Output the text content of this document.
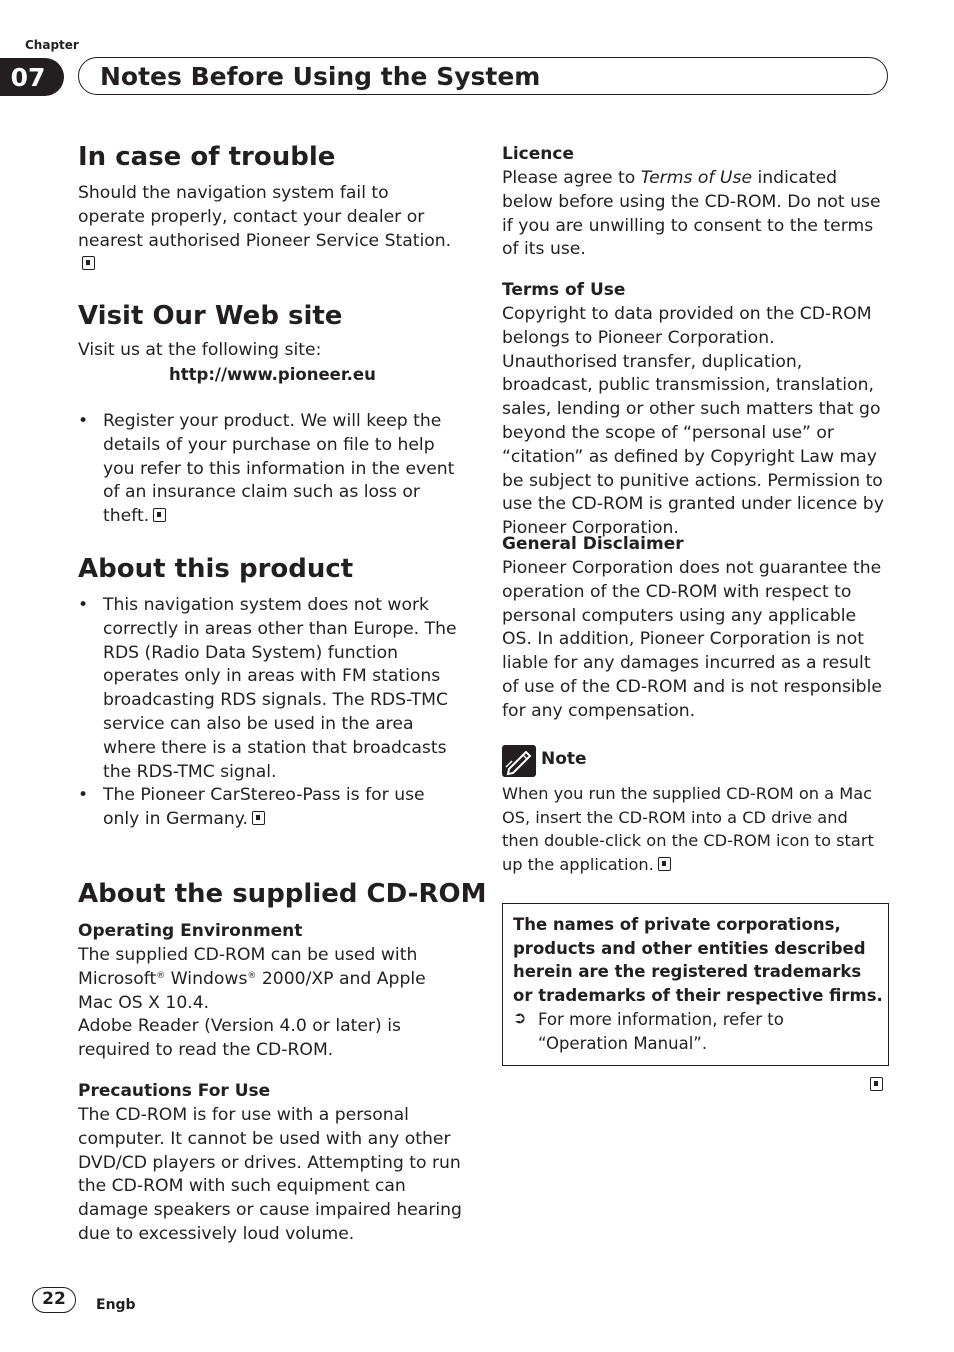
Chapter
07	Notes Before Using the System
In case of trouble

Should the navigation system fail to operate properly, contact your dealer or nearest authorised Pioneer Service Station.

Visit Our Web site

Visit us at the following site:

http://www.pioneer.eu
• Register your product. We will keep the details of your purchase on file to help you refer to this information in the event of an insurance claim such as loss or theft.
About this product
• This navigation system does not work correctly in areas other than Europe. The RDS (Radio Data System) function operates only in areas with FM stations broadcasting RDS signals. The RDS-TMC service can also be used in the area where there is a station that broadcasts the RDS-TMC signal.
• The Pioneer CarStereo-Pass is for use only in Germany.
About the supplied CD-ROM
Operating Environment

The supplied CD-ROM can be used with Microsoft® Windows® 2000/XP and Apple Mac OS X 10.4.
Adobe Reader (Version 4.0 or later) is required to read the CD-ROM.

Precautions For Use

The CD-ROM is for use with a personal computer. It cannot be used with any other DVD/CD players or drives. Attempting to run the CD-ROM with such equipment can damage speakers or cause impaired hearing due to excessively loud volume.

Licence

Please agree to Terms of Use indicated below before using the CD-ROM. Do not use if you are unwilling to consent to the terms of its use.

Terms of Use

Copyright to data provided on the CD-ROM belongs to Pioneer Corporation. Unauthorised transfer, duplication, broadcast, public transmission, translation, sales, lending or other such matters that go beyond the scope of “personal use” or “citation” as defined by Copyright Law may be subject to punitive actions. Permission to use the CD-ROM is granted under licence by Pioneer Corporation.

General Disclaimer

Pioneer Corporation does not guarantee the operation of the CD-ROM with respect to personal computers using any applicable OS. In addition, Pioneer Corporation is not liable for any damages incurred as a result of use of the CD-ROM and is not responsible for any compensation.

Note

When you run the supplied CD-ROM on a Mac OS, insert the CD-ROM into a CD drive and then double-click on the CD-ROM icon to start up the application.

The names of private corporations, products and other entities described herein are the registered trademarks or trademarks of their respective firms.

➲ For more information, refer to “Operation Manual”.

22	Engb
